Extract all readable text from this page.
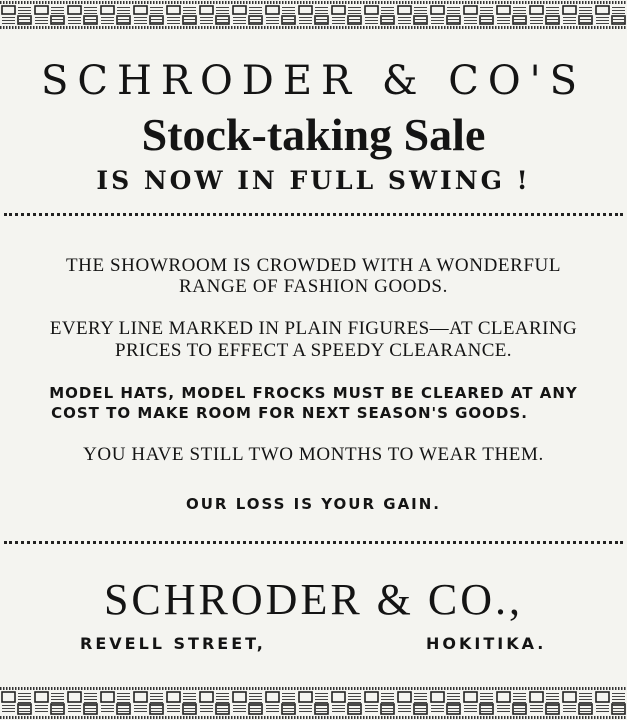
SCHRODER & CO'S
Stock-taking Sale
IS NOW IN FULL SWING !
THE SHOWROOM IS CROWDED WITH A WONDERFUL
RANGE OF FASHION GOODS.
EVERY LINE MARKED IN PLAIN FIGURES—AT CLEARING
PRICES TO EFFECT A SPEEDY CLEARANCE.
MODEL HATS, MODEL FROCKS MUST BE CLEARED AT ANY
COST TO MAKE ROOM FOR NEXT SEASON'S GOODS.
YOU HAVE STILL TWO MONTHS TO WEAR THEM.
OUR LOSS IS YOUR GAIN.
SCHRODER & CO.,
REVELL STREET,	HOKITIKA.
